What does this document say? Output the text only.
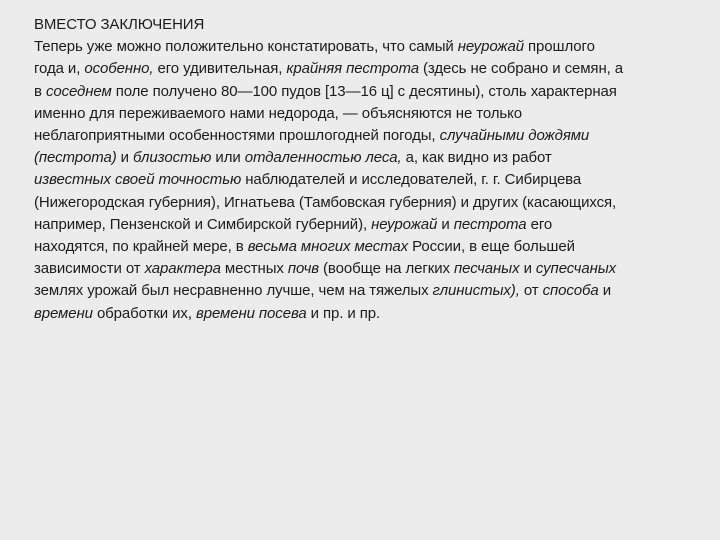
ВМЕСТО ЗАКЛЮЧЕНИЯ
Теперь уже можно положительно констатировать, что самый неурожай прошлого
года и, особенно, его удивительная, крайняя пестрота (здесь не собрано и семян, а
в соседнем поле получено 80—100 пудов [13—16 ц] с десятины), столь характерная
именно для переживаемого нами недорода, — объясняются не только
неблагоприятными особенностями прошлогодней погоды, случайными дождями
(пестрота) и близостью или отдаленностью леса, а, как видно из работ
известных своей точностью наблюдателей и исследователей, г. г. Сибирцева
(Нижегородская губерния), Игнатьева (Тамбовская губерния) и других (касающихся,
например, Пензенской и Симбирской губерний), неурожай и пестрота его
находятся, по крайней мере, в весьма многих местах России, в еще большей
зависимости от характера местных почв (вообще на легких песчаных и супесчаных
землях урожай был несравненно лучше, чем на тяжелых глинистых), от способа и
времени обработки их, времени посева и пр. и пр.
